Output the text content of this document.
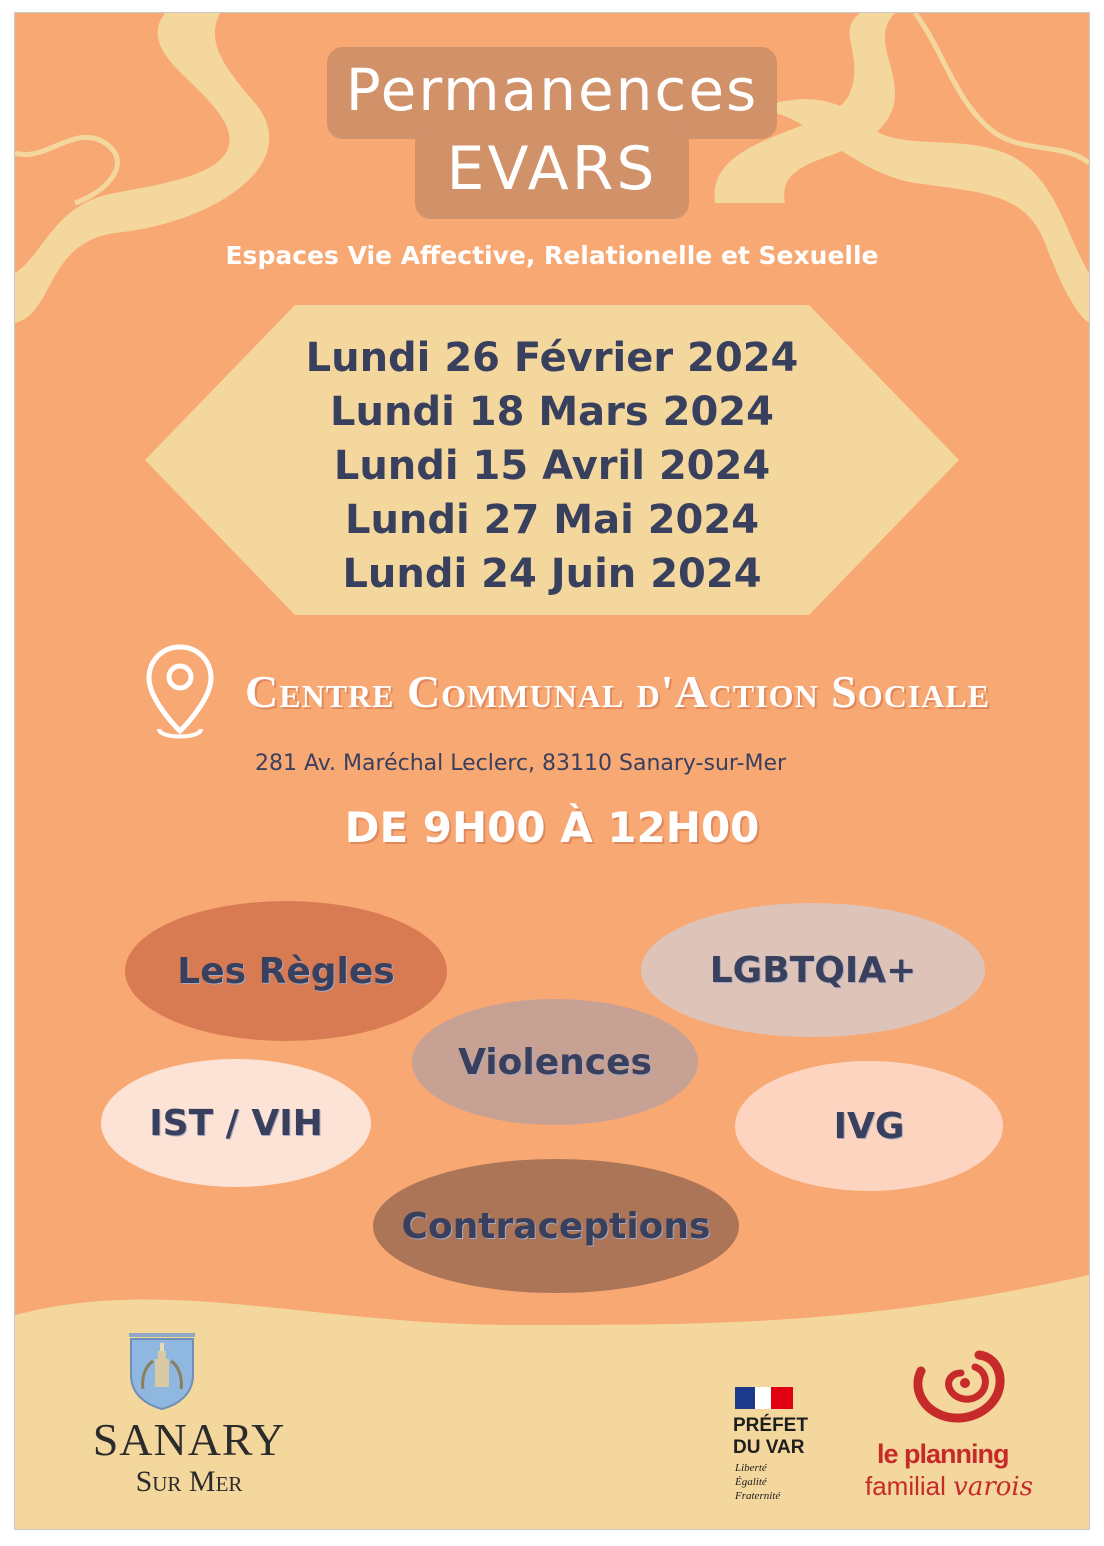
Permanences
EVARS
Espaces Vie Affective, Relationelle et Sexuelle
Lundi 26 Février 2024
Lundi 18 Mars 2024
Lundi 15 Avril 2024
Lundi 27 Mai 2024
Lundi 24 Juin 2024
Centre Communal d'Action Sociale
281 Av. Maréchal Leclerc, 83110 Sanary-sur-Mer
DE 9H00 À 12H00
Les Règles	LGBTQIA+
Violences
IST / VIH	IVG
Contraceptions
SANARY
Sur Mer
PRÉFET
DU VAR
Liberté
Égalité
Fraternité
le planning
familial varois
